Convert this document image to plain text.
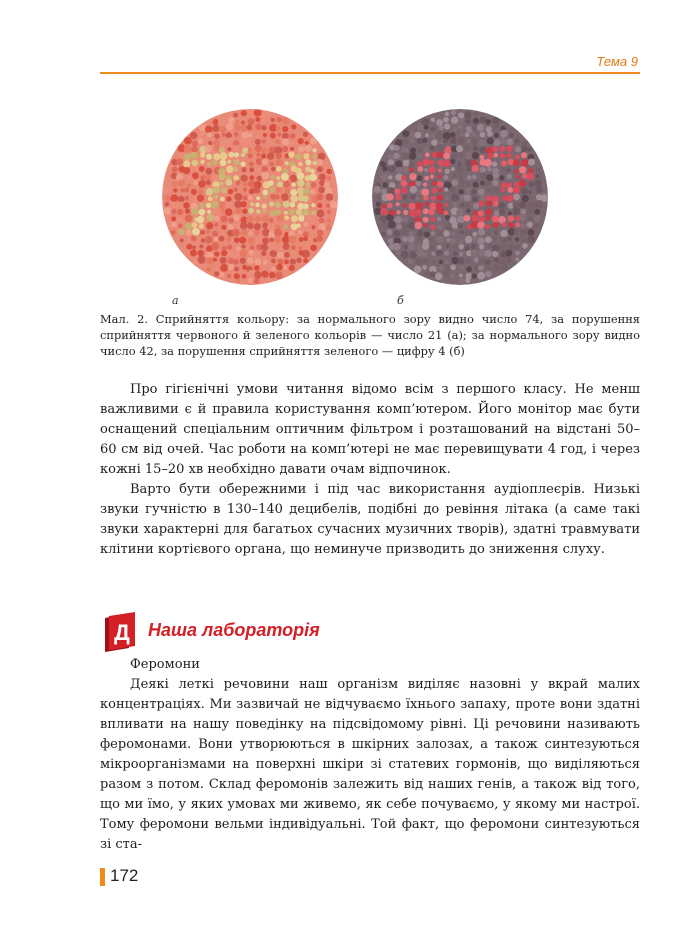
Тема 9
а	б
Мал. 2. Сприйняття кольору: за нормального зору видно число 74, за порушення сприйняття червоного й зеленого кольорів — число 21 (а); за нормального зору видно число 42, за порушення сприйняття зеленого — цифру 4 (б)

Про гігієнічні умови читання відомо всім з першого класу. Не менш важливими є й правила користування комп’ютером. Його монітор має бути оснащений спеціальним оптичним фільтром і розташований на відстані 50–60 см від очей. Час роботи на комп’ютері не має перевищувати 4 год, і через кожні 15–20 хв необхідно давати очам відпочинок.

Варто бути обережними і під час використання аудіоплеєрів. Низькі звуки гучністю в 130–140 децибелів, подібні до ревіння літака (а саме такі звуки характерні для багатьох сучасних музичних творів), здатні травмувати клітини кортієвого органа, що неминуче призводить до зниження слуху.

Д Наша лабораторія

Феромони

Деякі леткі речовини наш організм виділяє назовні у вкрай малих концентраціях. Ми зазвичай не відчуваємо їхнього запаху, проте вони здатні впливати на нашу поведінку на підсвідомому рівні. Ці речовини називають феромонами. Вони утворюються в шкірних залозах, а також синтезуються мікроорганізмами на поверхні шкіри зі статевих гормонів, що виділяються разом з потом. Склад феромонів залежить від наших генів, а також від того, що ми їмо, у яких умовах ми живемо, як себе почуваємо, у якому ми настрої. Тому феромони вельми індивідуальні. Той факт, що феромони синтезуються зі ста-

172
